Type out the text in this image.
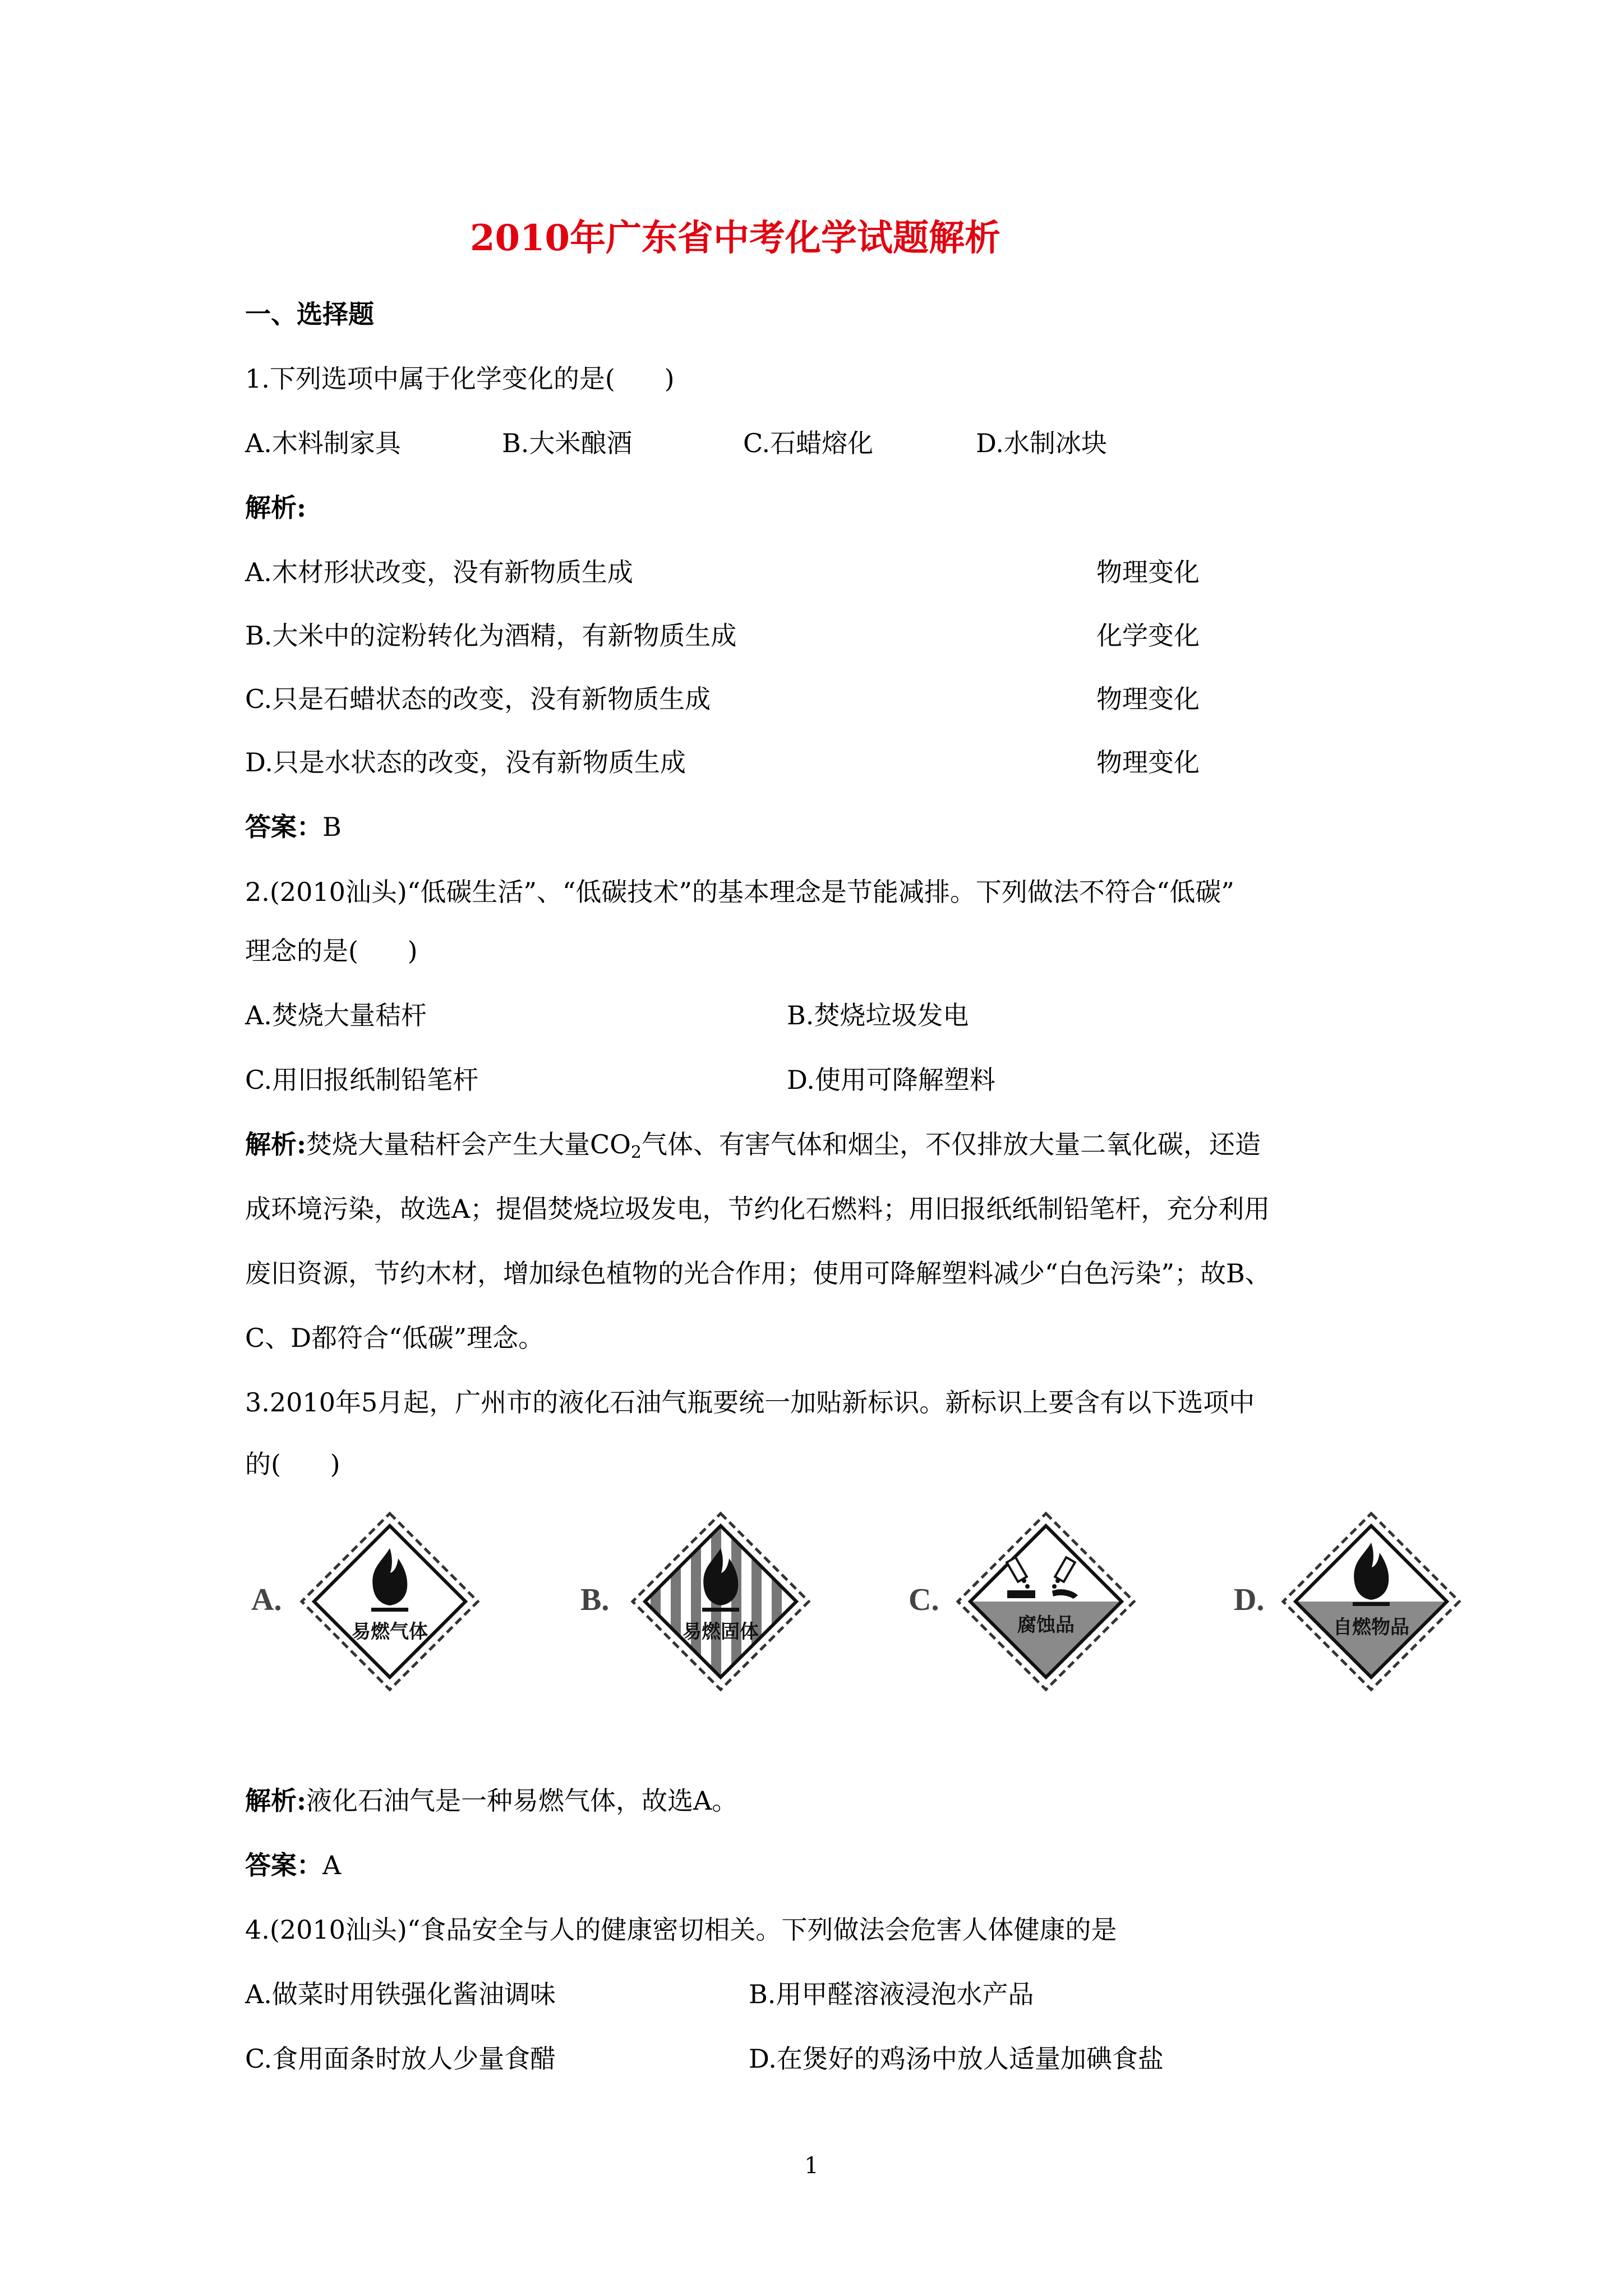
2010年广东省中考化学试题解析
一、选择题
1.下列选项中属于化学变化的是(      )
A.木料制家具	B.大米酿酒	C.石蜡熔化	D.水制冰块
解析:
A.木材形状改变，没有新物质生成	物理变化
B.大米中的淀粉转化为酒精，有新物质生成	化学变化
C.只是石蜡状态的改变，没有新物质生成	物理变化
D.只是水状态的改变，没有新物质生成	物理变化
答案：B
2.(2010汕头)“低碳生活”、“低碳技术”的基本理念是节能减排。下列做法不符合“低碳”
理念的是(      )
A.焚烧大量秸杆	B.焚烧垃圾发电
C.用旧报纸制铅笔杆	D.使用可降解塑料
解析:焚烧大量秸杆会产生大量$CO_2$气体、有害气体和烟尘，不仅排放大量二氧化碳，还造
成环境污染，故选A；提倡焚烧垃圾发电，节约化石燃料；用旧报纸纸制铅笔杆，充分利用
废旧资源，节约木材，增加绿色植物的光合作用；使用可降解塑料减少“白色污染”；故B、
C、D都符合“低碳”理念。
3.2010年5月起，广州市的液化石油气瓶要统一加贴新标识。新标识上要含有以下选项中
的(      )
A.
易燃气体
B.
易燃固体
C.
腐蚀品
D.
自燃物品
解析:液化石油气是一种易燃气体，故选A。
答案：A
4.(2010汕头)“食品安全与人的健康密切相关。下列做法会危害人体健康的是
A.做菜时用铁强化酱油调味	B.用甲醛溶液浸泡水产品
C.食用面条时放人少量食醋	D.在煲好的鸡汤中放人适量加碘食盐
1
